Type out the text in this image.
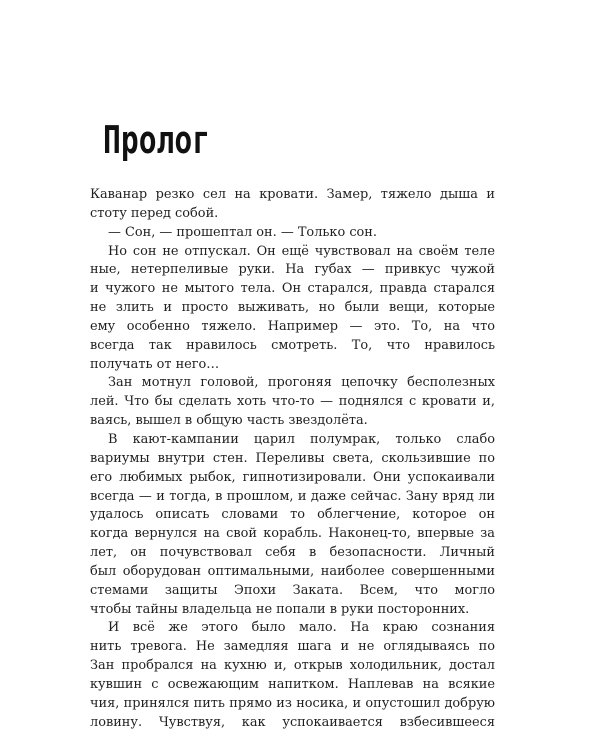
Пролог

Каванар резко сел на кровати. Замер, тяжело дыша и
стоту перед собой.

— Сон, — прошептал он. — Только сон.

Но сон не отпускал. Он ещё чувствовал на своём теле
ные, нетерпеливые руки. На губах — привкус чужой
и чужого не мытого тела. Он старался, правда старался
не злить и просто выживать, но были вещи, которые
ему особенно тяжело. Например — это. То, на что
всегда так нравилось смотреть. То, что нравилось
получать от него…

Зан мотнул головой, прогоняя цепочку бесполезных
лей. Что бы сделать хоть что-то — поднялся с кровати и,
ваясь, вышел в общую часть звездолёта.

В кают-кампании царил полумрак, только слабо
вариумы внутри стен. Переливы света, скользившие по
его любимых рыбок, гипнотизировали. Они успокаивали
всегда — и тогда, в прошлом, и даже сейчас. Зану вряд ли
удалось описать словами то облегчение, которое он
когда вернулся на свой корабль. Наконец-то, впервые за
лет, он почувствовал себя в безопасности. Личный
был оборудован оптимальными, наиболее совершенными
стемами защиты Эпохи Заката. Всем, что могло
чтобы тайны владельца не попали в руки посторонних.

И всё же этого было мало. На краю сознания
нить тревога. Не замедляя шага и не оглядываясь по
Зан пробрался на кухню и, открыв холодильник, достал
кувшин с освежающим напитком. Наплевав на всякие
чия, принялся пить прямо из носика, и опустошил добрую
ловину. Чувствуя, как успокаивается взбесившееся
